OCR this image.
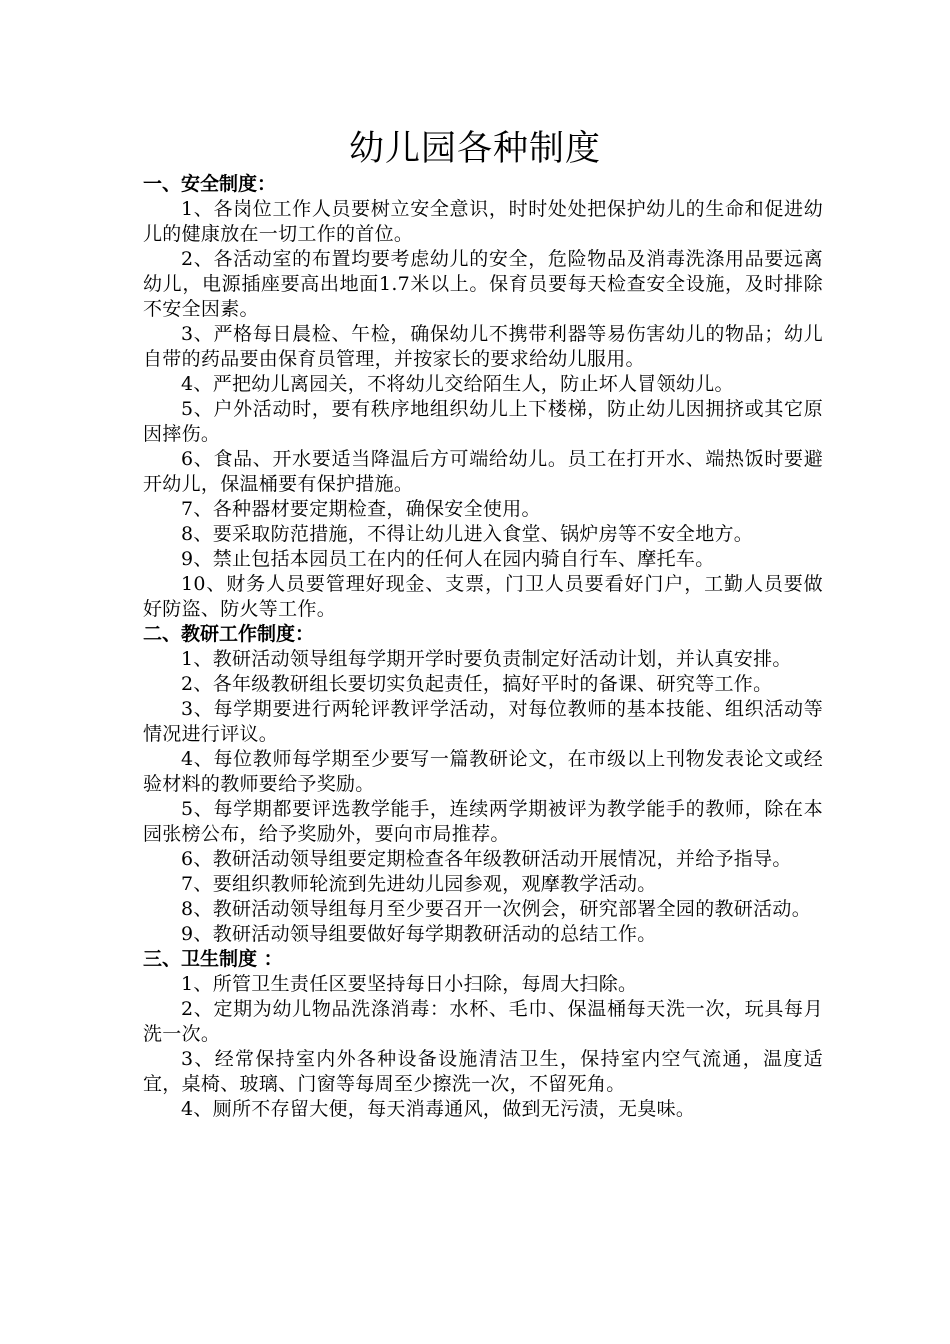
幼儿园各种制度

一、安全制度：

1、各岗位工作人员要树立安全意识，时时处处把保护幼儿的生命和促进幼儿的健康放在一切工作的首位。

2、各活动室的布置均要考虑幼儿的安全，危险物品及消毒洗涤用品要远离幼儿，电源插座要高出地面1.7米以上。保育员要每天检查安全设施，及时排除不安全因素。

3、严格每日晨检、午检，确保幼儿不携带利器等易伤害幼儿的物品；幼儿自带的药品要由保育员管理，并按家长的要求给幼儿服用。

4、严把幼儿离园关，不将幼儿交给陌生人，防止坏人冒领幼儿。

5、户外活动时，要有秩序地组织幼儿上下楼梯，防止幼儿因拥挤或其它原因摔伤。

6、食品、开水要适当降温后方可端给幼儿。员工在打开水、端热饭时要避开幼儿，保温桶要有保护措施。

7、各种器材要定期检查，确保安全使用。

8、要采取防范措施，不得让幼儿进入食堂、锅炉房等不安全地方。

9、禁止包括本园员工在内的任何人在园内骑自行车、摩托车。

10、财务人员要管理好现金、支票，门卫人员要看好门户，工勤人员要做好防盗、防火等工作。

二、教研工作制度：

1、教研活动领导组每学期开学时要负责制定好活动计划，并认真安排。

2、各年级教研组长要切实负起责任，搞好平时的备课、研究等工作。

3、每学期要进行两轮评教评学活动，对每位教师的基本技能、组织活动等情况进行评议。

4、每位教师每学期至少要写一篇教研论文，在市级以上刊物发表论文或经验材料的教师要给予奖励。

5、每学期都要评选教学能手，连续两学期被评为教学能手的教师，除在本园张榜公布，给予奖励外，要向市局推荐。

6、教研活动领导组要定期检查各年级教研活动开展情况，并给予指导。

7、要组织教师轮流到先进幼儿园参观，观摩教学活动。

8、教研活动领导组每月至少要召开一次例会，研究部署全园的教研活动。

9、教研活动领导组要做好每学期教研活动的总结工作。

三、卫生制度 ：

1、所管卫生责任区要坚持每日小扫除，每周大扫除。

2、定期为幼儿物品洗涤消毒：水杯、毛巾、保温桶每天洗一次，玩具每月洗一次。

3、经常保持室内外各种设备设施清洁卫生，保持室内空气流通，温度适宜，桌椅、玻璃、门窗等每周至少擦洗一次，不留死角。

4、厕所不存留大便，每天消毒通风，做到无污渍，无臭味。
